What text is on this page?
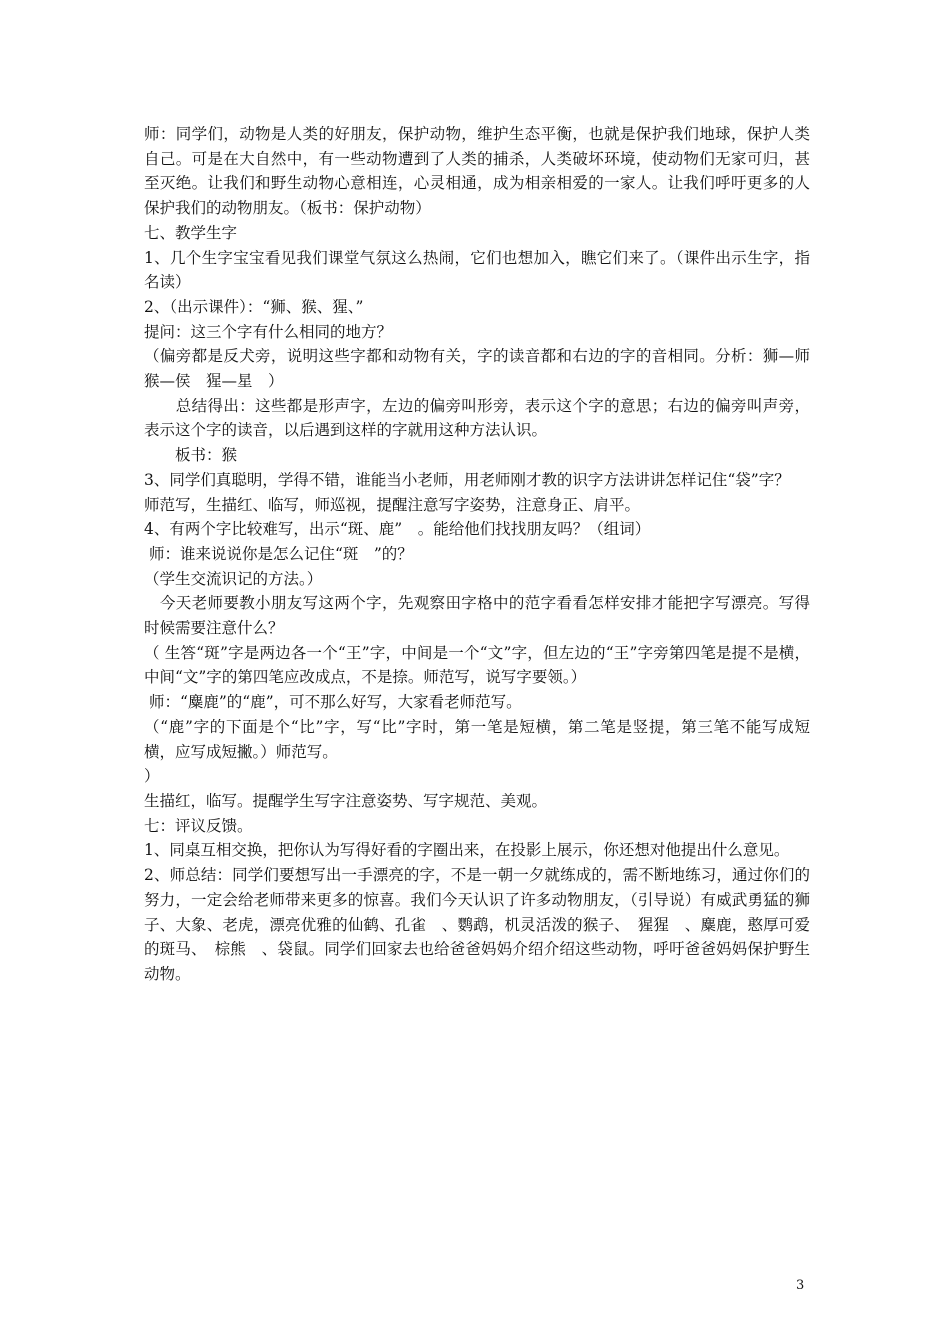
师：同学们，动物是人类的好朋友，保护动物，维护生态平衡，也就是保护我们地球，保护人类自己。可是在大自然中，有一些动物遭到了人类的捕杀，人类破坏环境，使动物们无家可归，甚至灭绝。让我们和野生动物心意相连，心灵相通，成为相亲相爱的一家人。让我们呼吁更多的人保护我们的动物朋友。（板书：保护动物）

七、教学生字

1、几个生字宝宝看见我们课堂气氛这么热闹，它们也想加入，瞧它们来了。（课件出示生字，指名读）

2、（出示课件）：“狮、猴、猩、”

提问：这三个字有什么相同的地方？

（偏旁都是反犬旁，说明这些字都和动物有关，字的读音都和右边的字的音相同。分析：狮—师　猴—侯　猩—星　）

　　总结得出：这些都是形声字，左边的偏旁叫形旁，表示这个字的意思；右边的偏旁叫声旁，表示这个字的读音，以后遇到这样的字就用这种方法认识。

　　板书：猴

3、同学们真聪明，学得不错，谁能当小老师，用老师刚才教的识字方法讲讲怎样记住“袋”字？

师范写，生描红、临写，师巡视，提醒注意写字姿势，注意身正、肩平。

4、有两个字比较难写，出示“斑、鹿”　。能给他们找找朋友吗？（组词）

师：谁来说说你是怎么记住“斑　”的？

（学生交流识记的方法。）

　今天老师要教小朋友写这两个字，先观察田字格中的范字看看怎样安排才能把字写漂亮。写得时候需要注意什么？

（ 生答“斑”字是两边各一个“王”字，中间是一个“文”字，但左边的“王”字旁第四笔是提不是横，中间“文”字的第四笔应改成点，不是捺。师范写，说写字要领。）

师：“麋鹿”的“鹿”，可不那么好写，大家看老师范写。

（“鹿”字的下面是个“比”字，写“比”字时，第一笔是短横，第二笔是竖提，第三笔不能写成短横，应写成短撇。）师范写。

）

生描红，临写。提醒学生写字注意姿势、写字规范、美观。

七：评议反馈。

1、同桌互相交换，把你认为写得好看的字圈出来，在投影上展示，你还想对他提出什么意见。

2、师总结：同学们要想写出一手漂亮的字，不是一朝一夕就练成的，需不断地练习，通过你们的努力，一定会给老师带来更多的惊喜。我们今天认识了许多动物朋友，（引导说）有威武勇猛的狮子、大象、老虎，漂亮优雅的仙鹤、孔雀　、鹦鹉，机灵活泼的猴子、　猩猩　、麋鹿，憨厚可爱的斑马、　棕熊　、袋鼠。同学们回家去也给爸爸妈妈介绍介绍这些动物，呼吁爸爸妈妈保护野生动物。

3
